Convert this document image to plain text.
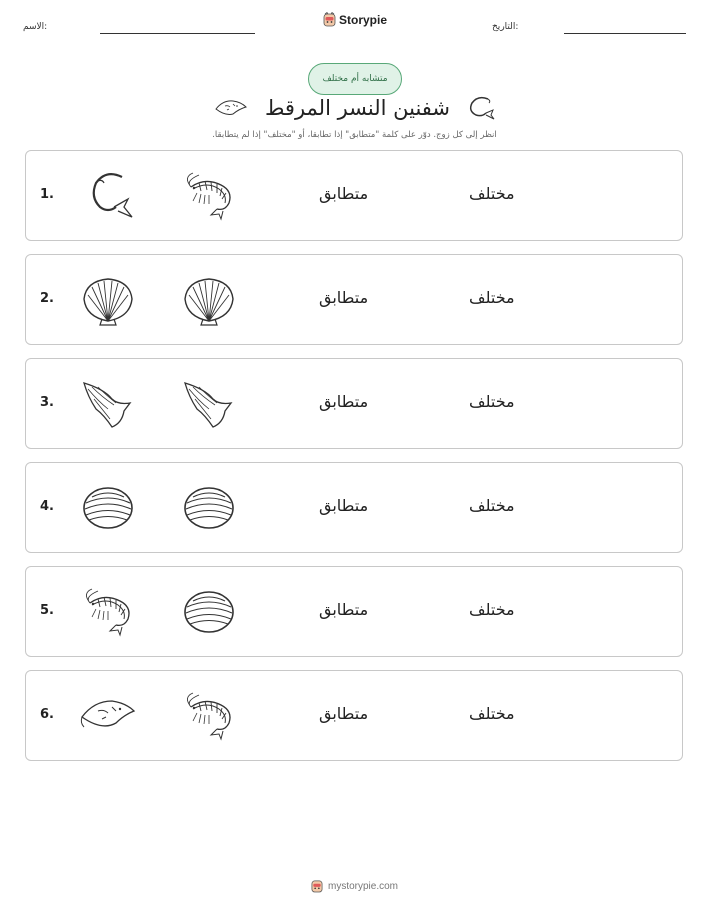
التاريخ:
الاسم:
Storypie
متشابه أم مختلف
شفنين النسر المرقط
انظر إلى كل زوج. دوّر على كلمة "متطابق" إذا تطابقا، أو "مختلف" إذا لم يتطابقا.
1.	متطابق	مختلف
2.	متطابق	مختلف
3.	متطابق	مختلف
4.	متطابق	مختلف
5.	متطابق	مختلف
6.	متطابق	مختلف
mystorypie.com
